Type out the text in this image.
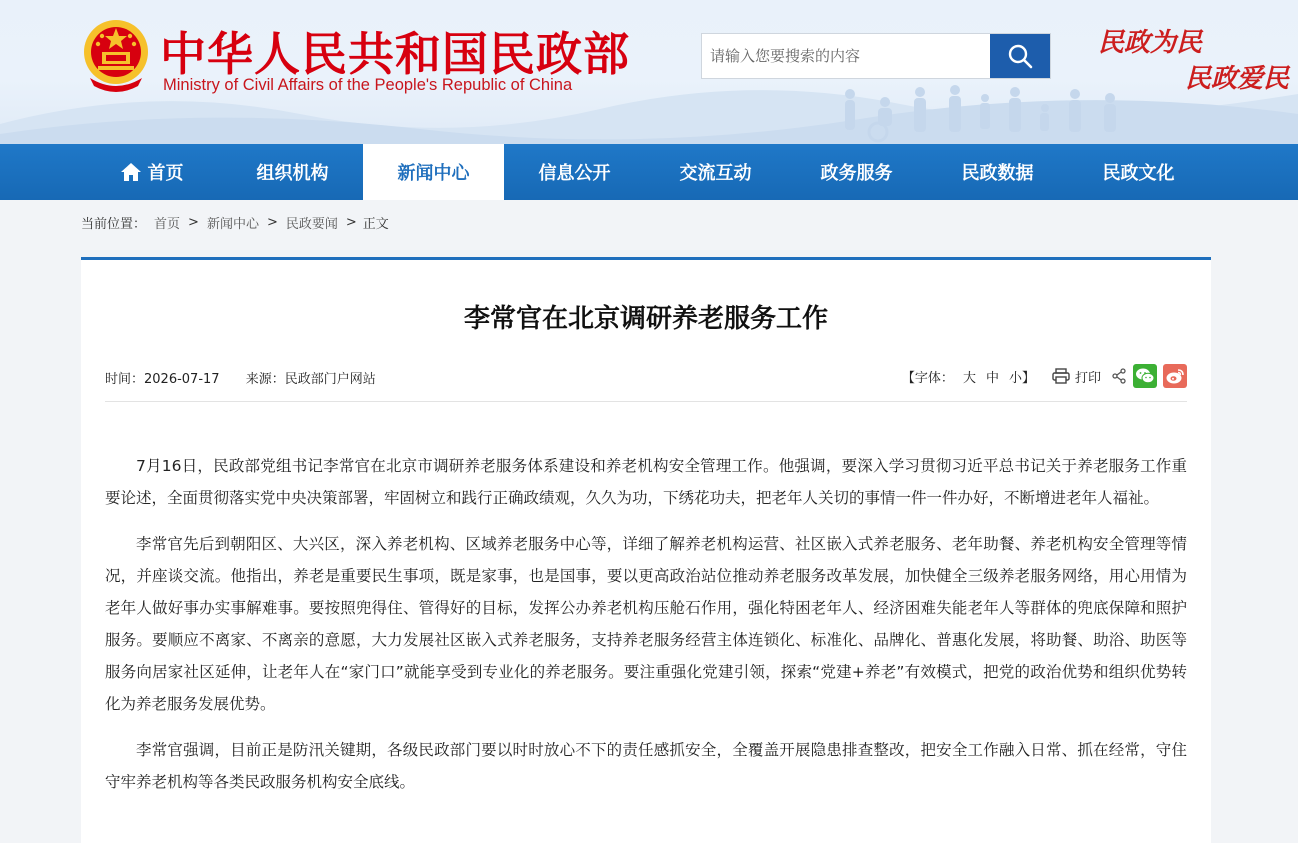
中华人民共和国民政部
Ministry of Civil Affairs of the People's Republic of China
请输入您要搜索的内容
民政为民
民政爱民
首页	组织机构	新闻中心	信息公开	交流互动	政务服务	民政数据	民政文化
当前位置： 首页 > 新闻中心 > 民政要闻 > 正文
李常官在北京调研养老服务工作
时间：2026-07-17 来源：民政部门户网站	【字体： 大 中 小】	打印

7月16日，民政部党组书记李常官在北京市调研养老服务体系建设和养老机构安全管理工作。他强调，要深入学习贯彻习近平总书记关于养老服务工作重要论述，全面贯彻落实党中央决策部署，牢固树立和践行正确政绩观，久久为功，下绣花功夫，把老年人关切的事情一件一件办好，不断增进老年人福祉。

李常官先后到朝阳区、大兴区，深入养老机构、区域养老服务中心等，详细了解养老机构运营、社区嵌入式养老服务、老年助餐、养老机构安全管理等情况，并座谈交流。他指出，养老是重要民生事项，既是家事，也是国事，要以更高政治站位推动养老服务改革发展，加快健全三级养老服务网络，用心用情为老年人做好事办实事解难事。要按照兜得住、管得好的目标，发挥公办养老机构压舱石作用，强化特困老年人、经济困难失能老年人等群体的兜底保障和照护服务。要顺应不离家、不离亲的意愿，大力发展社区嵌入式养老服务，支持养老服务经营主体连锁化、标准化、品牌化、普惠化发展，将助餐、助浴、助医等服务向居家社区延伸，让老年人在“家门口”就能享受到专业化的养老服务。要注重强化党建引领，探索“党建+养老”有效模式，把党的政治优势和组织优势转化为养老服务发展优势。

李常官强调，目前正是防汛关键期，各级民政部门要以时时放心不下的责任感抓安全，全覆盖开展隐患排查整改，把安全工作融入日常、抓在经常，守住守牢养老机构等各类民政服务机构安全底线。
